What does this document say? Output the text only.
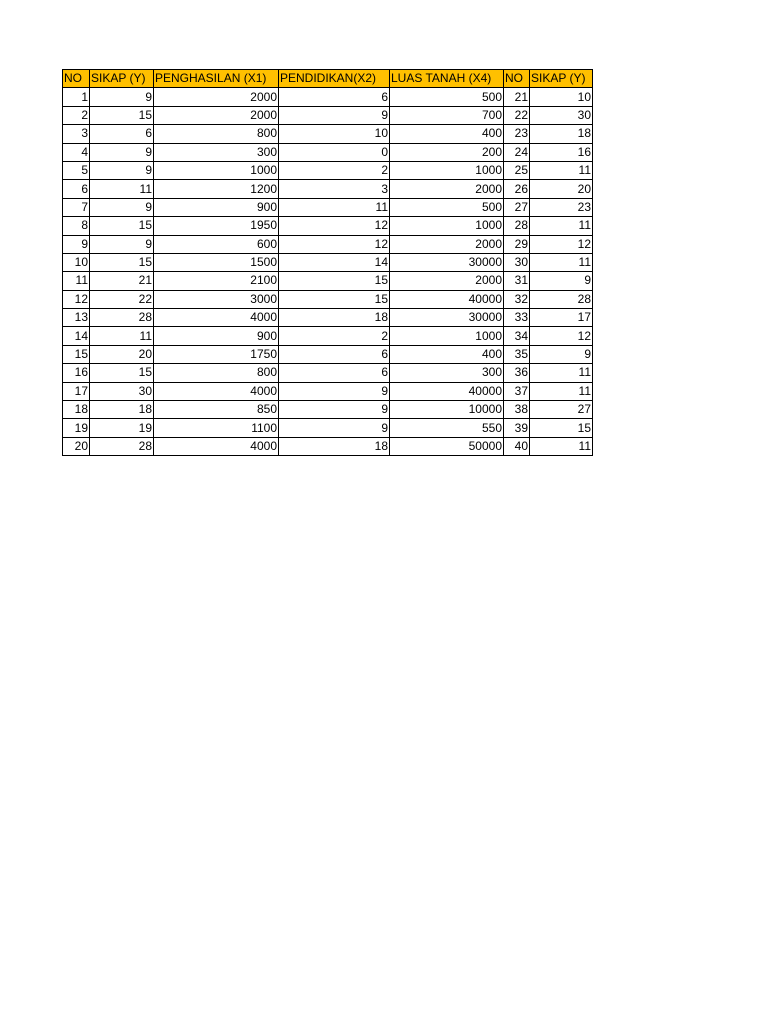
NO	SIKAP (Y)	PENGHASILAN (X1)	PENDIDIKAN(X2)	LUAS TANAH (X4)	NO	SIKAP (Y)
1	9	2000	6	500	21	10
2	15	2000	9	700	22	30
3	6	800	10	400	23	18
4	9	300	0	200	24	16
5	9	1000	2	1000	25	11
6	11	1200	3	2000	26	20
7	9	900	11	500	27	23
8	15	1950	12	1000	28	11
9	9	600	12	2000	29	12
10	15	1500	14	30000	30	11
11	21	2100	15	2000	31	9
12	22	3000	15	40000	32	28
13	28	4000	18	30000	33	17
14	11	900	2	1000	34	12
15	20	1750	6	400	35	9
16	15	800	6	300	36	11
17	30	4000	9	40000	37	11
18	18	850	9	10000	38	27
19	19	1100	9	550	39	15
20	28	4000	18	50000	40	11
